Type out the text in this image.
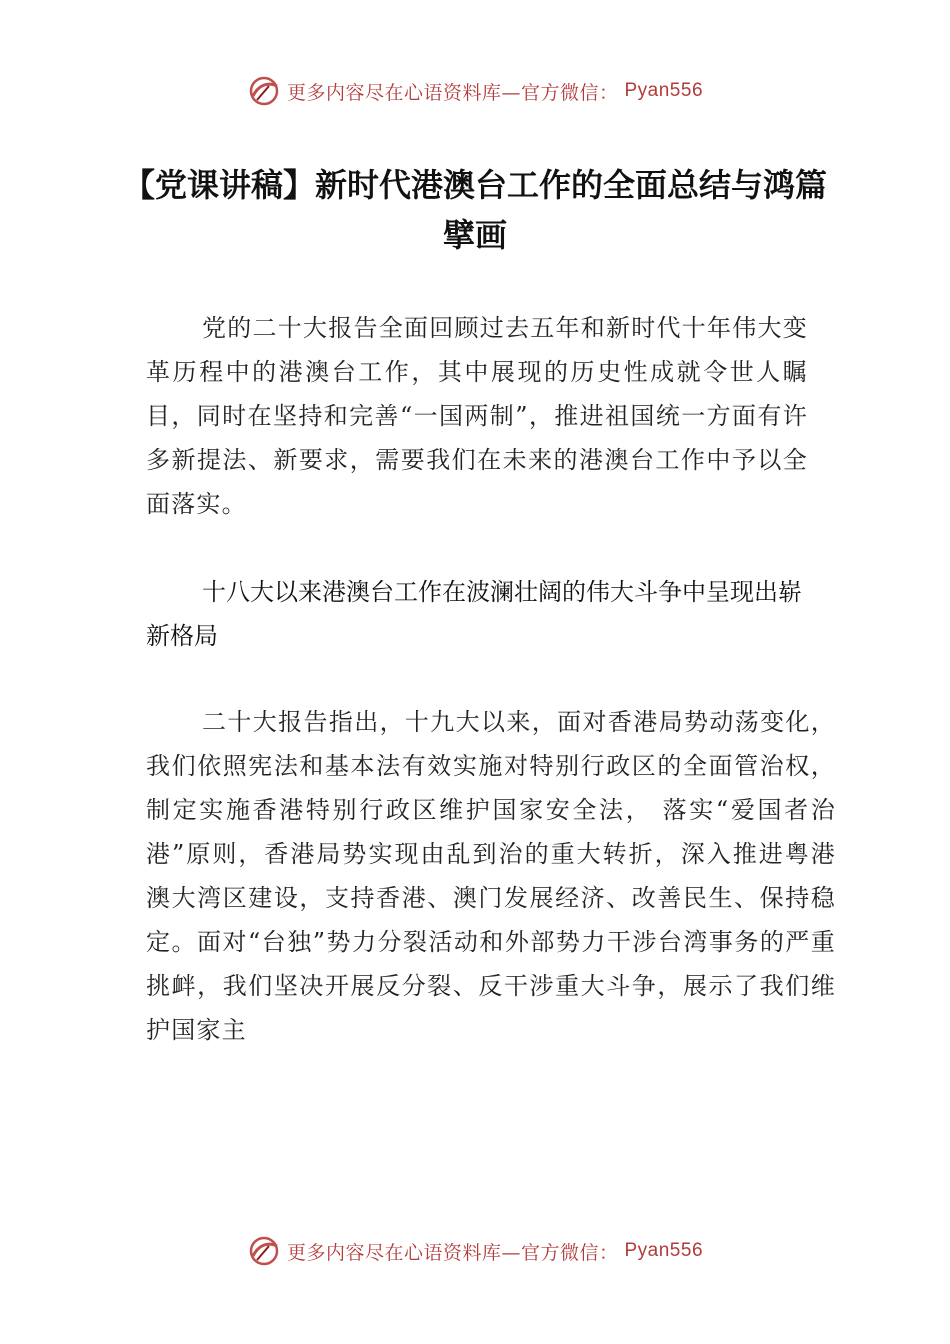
更多内容尽在心语资料库—官方微信： Pyan556
【党课讲稿】新时代港澳台工作的全面总结与鸿篇擘画
党的二十大报告全面回顾过去五年和新时代十年伟大变革历程中的港澳台工作，其中展现的历史性成就令世人瞩目，同时在坚持和完善“一国两制”，推进祖国统一方面有许多新提法、新要求，需要我们在未来的港澳台工作中予以全面落实。
十八大以来港澳台工作在波澜壮阔的伟大斗争中呈现出崭新格局
二十大报告指出，十九大以来，面对香港局势动荡变化，我们依照宪法和基本法有效实施对特别行政区的全面管治权，制定实施香港特别行政区维护国家安全法， 落实“爱国者治港”原则，香港局势实现由乱到治的重大转折，深入推进粤港澳大湾区建设，支持香港、澳门发展经济、改善民生、保持稳定。面对“台独”势力分裂活动和外部势力干涉台湾事务的严重挑衅，我们坚决开展反分裂、反干涉重大斗争，展示了我们维护国家主
更多内容尽在心语资料库—官方微信： Pyan556
